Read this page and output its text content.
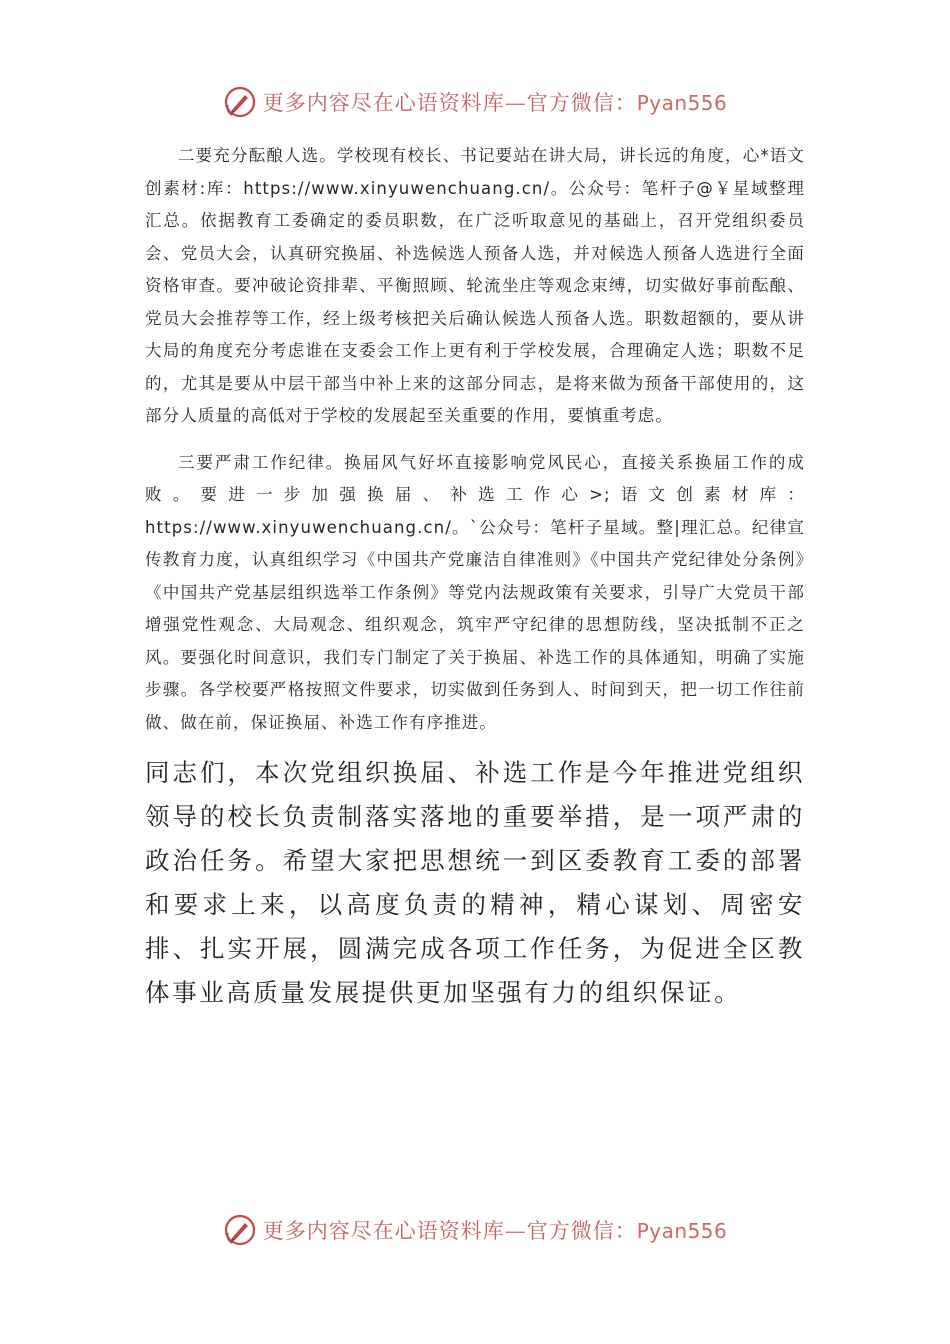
更多内容尽在心语资料库—官方微信：Pyan556

二要充分酝酿人选。学校现有校长、书记要站在讲大局，讲长远的角度，心*语文创素材:库：https://www.xinyuwenchuang.cn/。公众号：笔杆子@￥星域整理汇总。依据教育工委确定的委员职数，在广泛听取意见的基础上，召开党组织委员会、党员大会，认真研究换届、补选候选人预备人选，并对候选人预备人选进行全面资格审查。要冲破论资排辈、平衡照顾、轮流坐庄等观念束缚，切实做好事前酝酿、党员大会推荐等工作，经上级考核把关后确认候选人预备人选。职数超额的，要从讲大局的角度充分考虑谁在支委会工作上更有利于学校发展，合理确定人选；职数不足的，尤其是要从中层干部当中补上来的这部分同志，是将来做为预备干部使用的，这部分人质量的高低对于学校的发展起至关重要的作用，要慎重考虑。

三要严肃工作纪律。换届风气好坏直接影响党风民心，直接关系换届工作的成败。要进一步加强换届、补选工作心>;语文创素材库：https://www.xinyuwenchuang.cn/。`公众号：笔杆子星域。整|理汇总。纪律宣传教育力度，认真组织学习《中国共产党廉洁自律准则》《中国共产党纪律处分条例》《中国共产党基层组织选举工作条例》等党内法规政策有关要求，引导广大党员干部增强党性观念、大局观念、组织观念，筑牢严守纪律的思想防线，坚决抵制不正之风。要强化时间意识，我们专门制定了关于换届、补选工作的具体通知，明确了实施步骤。各学校要严格按照文件要求，切实做到任务到人、时间到天，把一切工作往前做、做在前，保证换届、补选工作有序推进。

同志们，本次党组织换届、补选工作是今年推进党组织领导的校长负责制落实落地的重要举措，是一项严肃的政治任务。希望大家把思想统一到区委教育工委的部署和要求上来，以高度负责的精神，精心谋划、周密安排、扎实开展，圆满完成各项工作任务，为促进全区教体事业高质量发展提供更加坚强有力的组织保证。

更多内容尽在心语资料库—官方微信：Pyan556
